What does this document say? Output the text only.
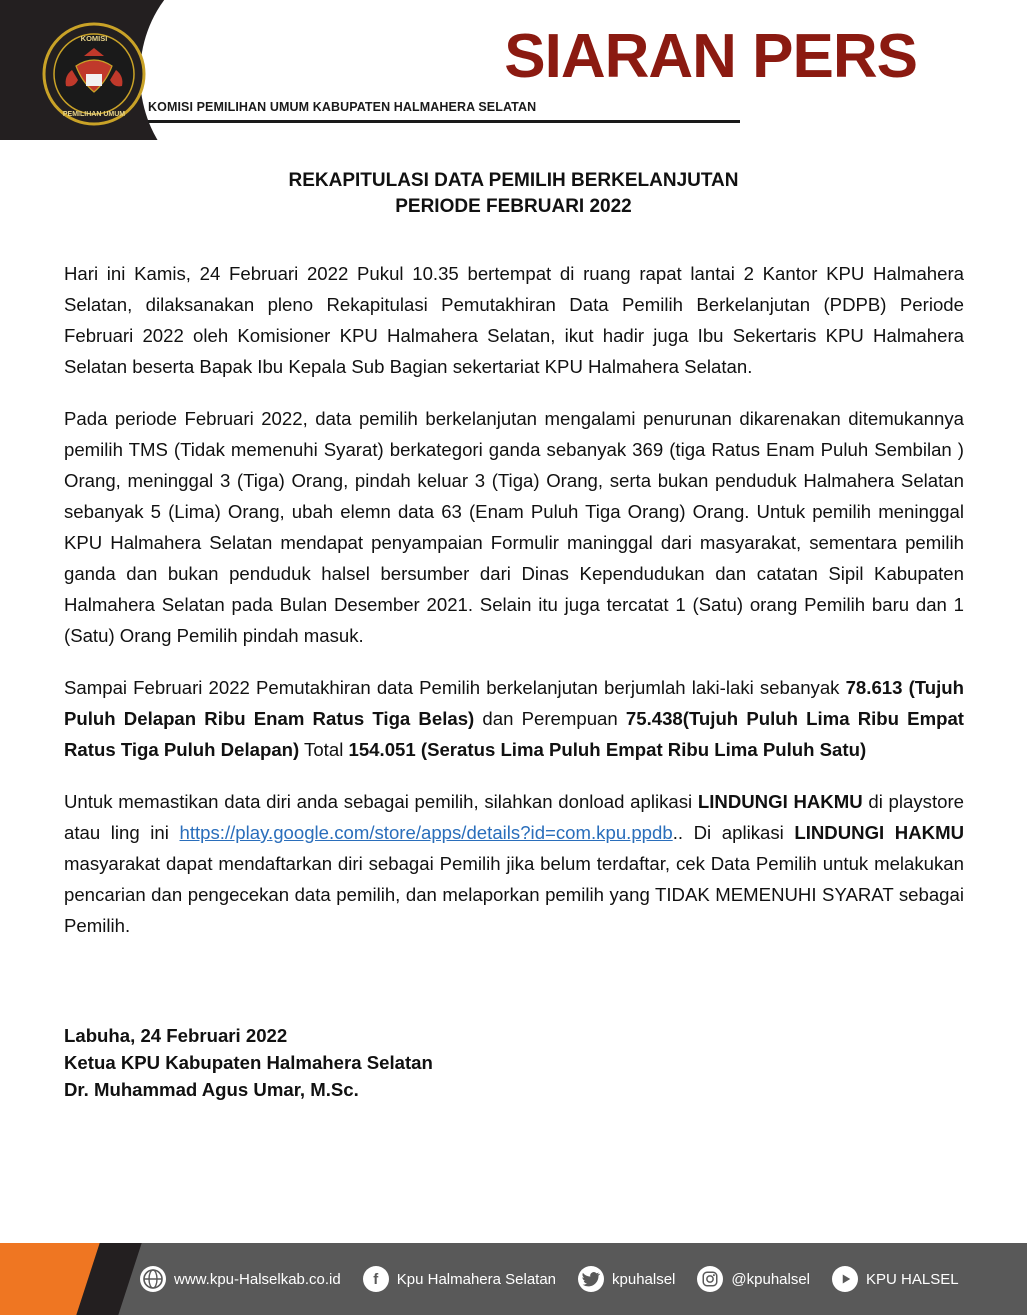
KOMISI
PEMILIHAN UMUM
KOMISI PEMILIHAN UMUM KABUPATEN HALMAHERA SELATAN
SIARAN PERS
REKAPITULASI DATA PEMILIH BERKELANJUTAN
PERIODE FEBRUARI 2022

Hari ini Kamis, 24 Februari 2022 Pukul 10.35 bertempat di ruang rapat lantai 2 Kantor KPU Halmahera Selatan, dilaksanakan pleno Rekapitulasi Pemutakhiran Data Pemilih Berkelanjutan (PDPB) Periode Februari 2022 oleh Komisioner KPU Halmahera Selatan, ikut hadir juga Ibu Sekertaris KPU Halmahera Selatan beserta Bapak Ibu Kepala Sub Bagian sekertariat KPU Halmahera Selatan.

Pada periode Februari 2022, data pemilih berkelanjutan mengalami penurunan dikarenakan ditemukannya pemilih TMS (Tidak memenuhi Syarat) berkategori ganda sebanyak 369 (tiga Ratus Enam Puluh Sembilan ) Orang, meninggal 3 (Tiga) Orang, pindah keluar 3 (Tiga) Orang, serta bukan penduduk Halmahera Selatan sebanyak 5 (Lima) Orang, ubah elemn data 63 (Enam Puluh Tiga Orang) Orang. Untuk pemilih meninggal KPU Halmahera Selatan mendapat penyampaian Formulir maninggal dari masyarakat, sementara pemilih ganda dan bukan penduduk halsel bersumber dari Dinas Kependudukan dan catatan Sipil Kabupaten Halmahera Selatan pada Bulan Desember 2021. Selain itu juga tercatat 1 (Satu) orang Pemilih baru dan 1 (Satu) Orang Pemilih pindah masuk.

Sampai Februari 2022 Pemutakhiran data Pemilih berkelanjutan berjumlah laki-laki sebanyak 78.613 (Tujuh Puluh Delapan Ribu Enam Ratus Tiga Belas) dan Perempuan 75.438(Tujuh Puluh Lima Ribu Empat Ratus Tiga Puluh Delapan) Total 154.051 (Seratus Lima Puluh Empat Ribu Lima Puluh Satu)

Untuk memastikan data diri anda sebagai pemilih, silahkan donload aplikasi LINDUNGI HAKMU di playstore atau ling ini https://play.google.com/store/apps/details?id=com.kpu.ppdb.. Di aplikasi LINDUNGI HAKMU masyarakat dapat mendaftarkan diri sebagai Pemilih jika belum terdaftar, cek Data Pemilih untuk melakukan pencarian dan pengecekan data pemilih, dan melaporkan pemilih yang TIDAK MEMENUHI SYARAT sebagai Pemilih.

Labuha, 24 Februari 2022
Ketua KPU Kabupaten Halmahera Selatan
Dr. Muhammad Agus Umar, M.Sc.
www.kpu-Halselkab.co.id	f	Kpu Halmahera Selatan	kpuhalsel	@kpuhalsel	KPU HALSEL
